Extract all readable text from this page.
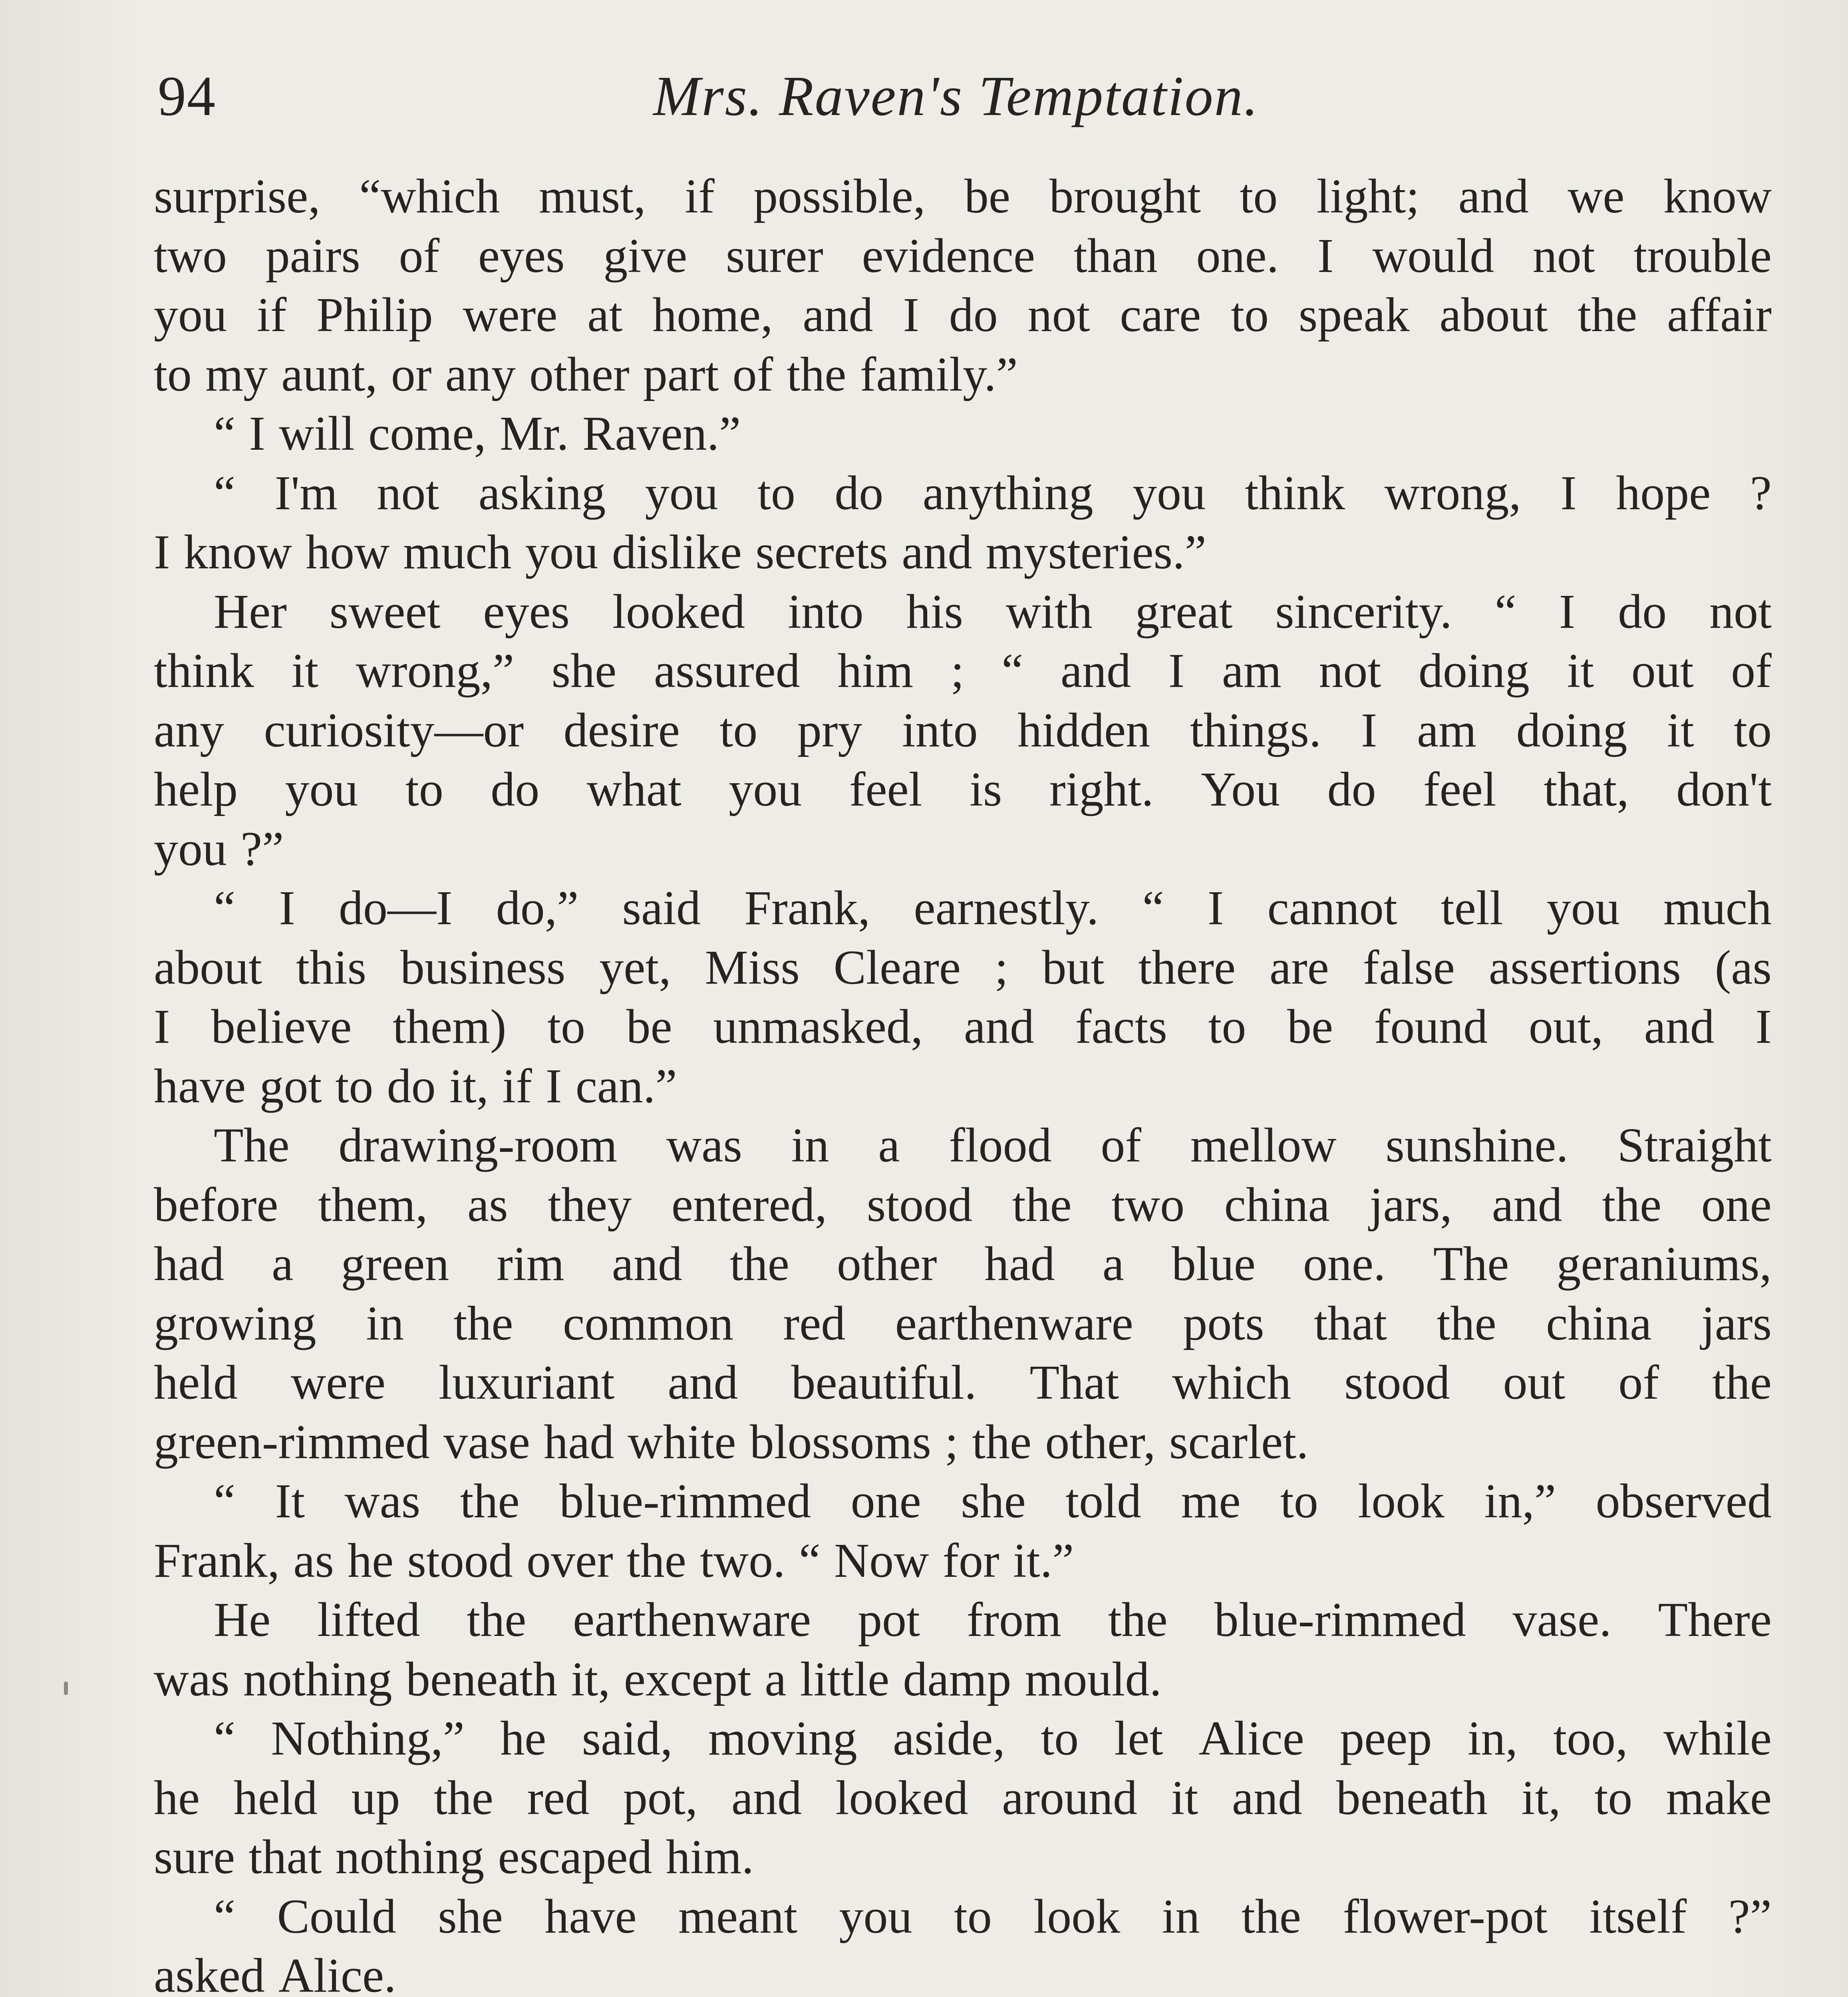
94	Mrs. Raven's Temptation.
surprise, “which must, if possible, be brought to light; and we know
two pairs of eyes give surer evidence than one. I would not trouble
you if Philip were at home, and I do not care to speak about the affair
to my aunt, or any other part of the family.”
“ I will come, Mr. Raven.”
“ I'm not asking you to do anything you think wrong, I hope ?
I know how much you dislike secrets and mysteries.”
Her sweet eyes looked into his with great sincerity. “ I do not
think it wrong,” she assured him ; “ and I am not doing it out of
any curiosity—or desire to pry into hidden things. I am doing it to
help you to do what you feel is right. You do feel that, don't
you ?”
“ I do—I do,” said Frank, earnestly. “ I cannot tell you much
about this business yet, Miss Cleare ; but there are false assertions (as
I believe them) to be unmasked, and facts to be found out, and I
have got to do it, if I can.”
The drawing-room was in a flood of mellow sunshine. Straight
before them, as they entered, stood the two china jars, and the one
had a green rim and the other had a blue one. The geraniums,
growing in the common red earthenware pots that the china jars
held were luxuriant and beautiful. That which stood out of the
green-rimmed vase had white blossoms ; the other, scarlet.
“ It was the blue-rimmed one she told me to look in,” observed
Frank, as he stood over the two. “ Now for it.”
He lifted the earthenware pot from the blue-rimmed vase. There
was nothing beneath it, except a little damp mould.
“ Nothing,” he said, moving aside, to let Alice peep in, too, while
he held up the red pot, and looked around it and beneath it, to make
sure that nothing escaped him.
“ Could she have meant you to look in the flower-pot itself ?”
asked Alice.
